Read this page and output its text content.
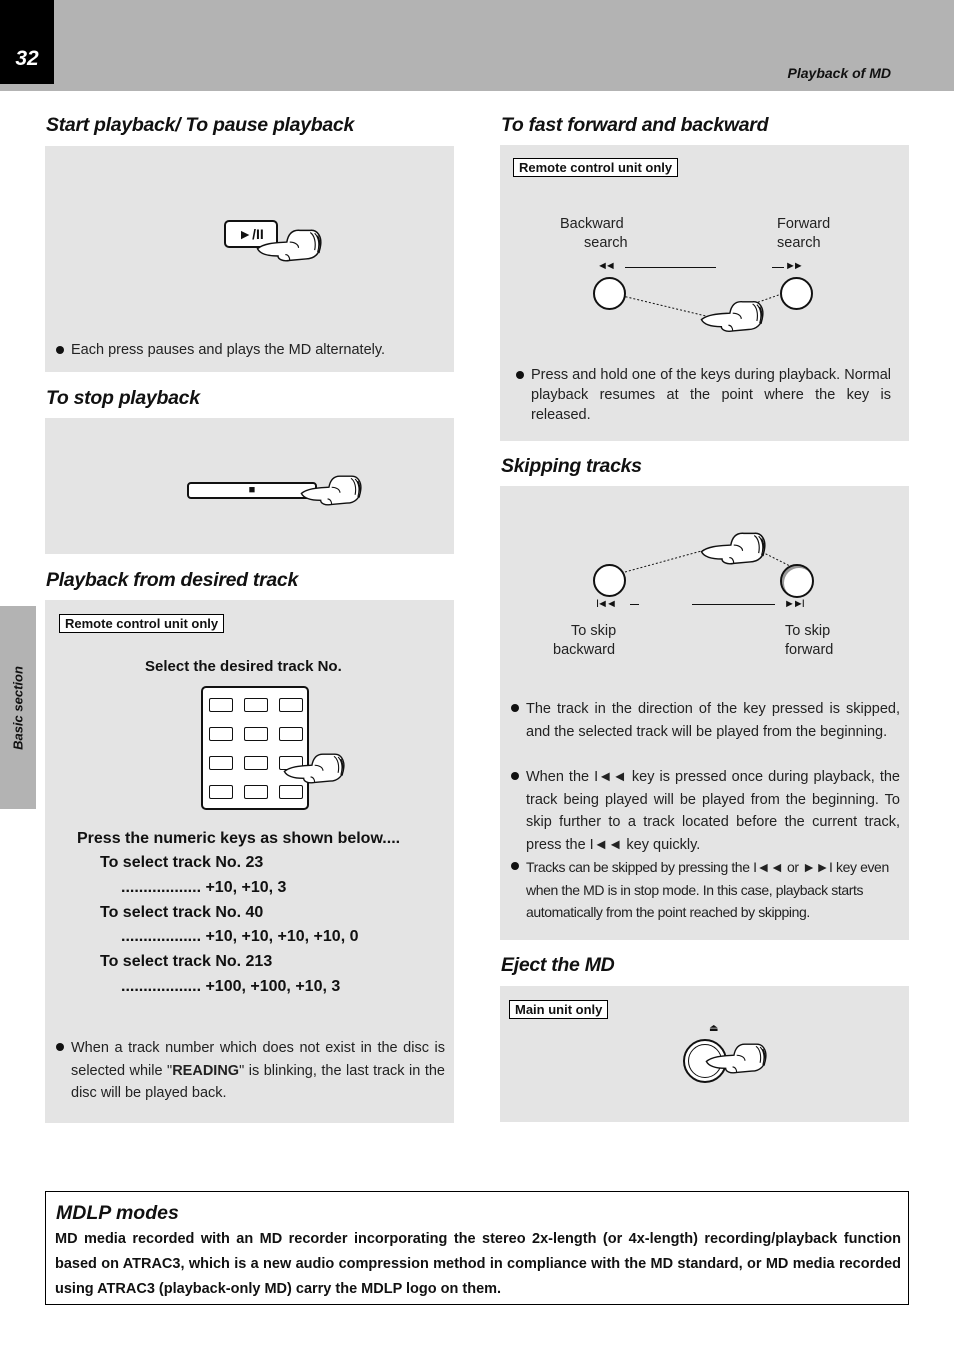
32
Playback of MD
Basic section
Start playback/ To pause playback
►/II
Each press pauses and plays the MD alternately.
To stop playback
■
Playback from desired track
Remote control unit only
Select the desired track No.
Press the numeric keys as shown below....
To select track No. 23
.................. +10, +10, 3
To select track No. 40
.................. +10, +10, +10, +10, 0
To select track No. 213
.................. +100, +100, +10, 3
When a track number which does not exist in the disc is selected while "READING" is blinking, the last track in the disc will be played back.
To fast forward and backward
Remote control unit only
Backward
search
Forward
search
◄◄	►►
Press and hold one of the keys during playback. Normal playback resumes at the point where the key is released.
Skipping tracks
I◄◄	►►I
To skip
backward
To skip
forward
The track in the direction of the key pressed is skipped, and the selected track will be played from the beginning.
When the I◄◄ key is pressed once during playback, the track being played will be played from the beginning. To skip further to a track located before the current track, press the I◄◄ key quickly.
Tracks can be skipped by pressing the I◄◄ or ►►I key even when the MD is in stop mode. In this case, playback starts automatically from the point reached by skipping.
Eject the MD
Main unit only
⏏
MDLP modes
MD media recorded with an MD recorder incorporating the stereo 2x-length (or 4x-length) recording/playback function based on ATRAC3, which is a new audio compression method in compliance with the MD standard, or MD media recorded using ATRAC3 (playback-only MD) carry the MDLP logo on them.
